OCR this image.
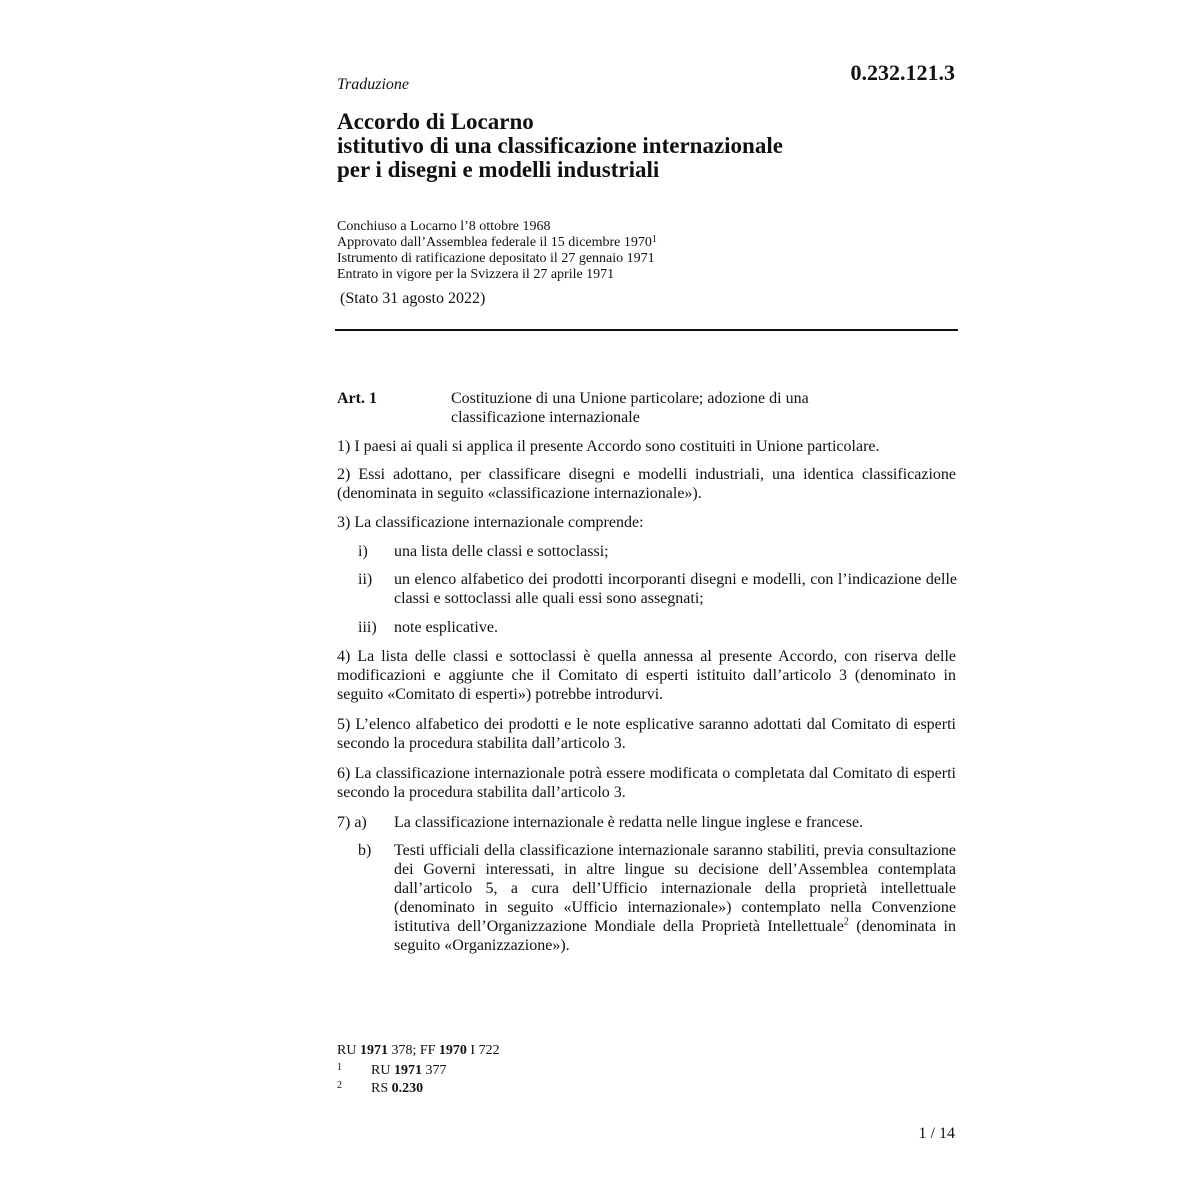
Traduzione	0.232.121.3
Accordo di Locarno
istitutivo di una classificazione internazionale
per i disegni e modelli industriali
Conchiuso a Locarno l’8 ottobre 1968
Approvato dall’Assemblea federale il 15 dicembre 1970$^1$
Istrumento di ratificazione depositato il 27 gennaio 1971
Entrato in vigore per la Svizzera il 27 aprile 1971
(Stato 31 agosto 2022)
Art. 1	Costituzione di una Unione particolare; adozione di una classificazione internazionale
1) I paesi ai quali si applica il presente Accordo sono costituiti in Unione particolare.
2) Essi adottano, per classificare disegni e modelli industriali, una identica classificazione (denominata in seguito «classificazione internazionale»).
3) La classificazione internazionale comprende:
i) una lista delle classi e sottoclassi;
ii) un elenco alfabetico dei prodotti incorporanti disegni e modelli, con l’indicazione delle classi e sottoclassi alle quali essi sono assegnati;
iii) note esplicative.
4) La lista delle classi e sottoclassi è quella annessa al presente Accordo, con riserva delle modificazioni e aggiunte che il Comitato di esperti istituito dall’articolo 3 (denominato in seguito «Comitato di esperti») potrebbe introdurvi.
5) L’elenco alfabetico dei prodotti e le note esplicative saranno adottati dal Comitato di esperti secondo la procedura stabilita dall’articolo 3.
6) La classificazione internazionale potrà essere modificata o completata dal Comitato di esperti secondo la procedura stabilita dall’articolo 3.
7) a) La classificazione internazionale è redatta nelle lingue inglese e francese.
b) Testi ufficiali della classificazione internazionale saranno stabiliti, previa consultazione dei Governi interessati, in altre lingue su decisione dell’Assemblea contemplata dall’articolo 5, a cura dell’Ufficio internazionale della proprietà intellettuale (denominato in seguito «Ufficio internazionale») contemplato nella Convenzione istitutiva dell’Organizzazione Mondiale della Proprietà Intellettuale$^2$ (denominata in seguito «Organizzazione»).
RU 1971 378; FF 1970 I 722
1 RU 1971 377
2 RS 0.230
1 / 14
